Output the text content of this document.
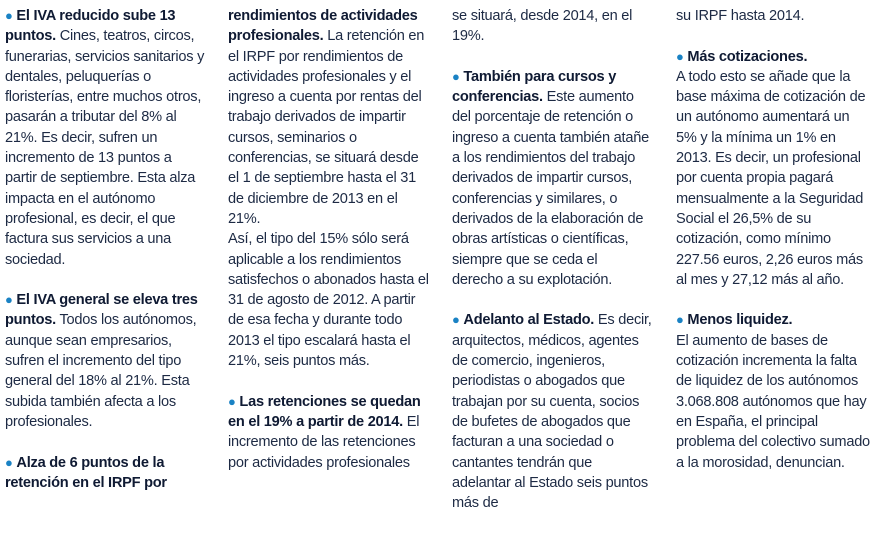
● El IVA reducido sube 13 puntos. Cines, teatros, circos, funerarias, servicios sanitarios y dentales, peluquerías o floristerías, entre muchos otros, pasarán a tributar del 8% al 21%. Es decir, sufren un incremento de 13 puntos a partir de septiembre. Esta alza impacta en el autónomo profesional, es decir, el que factura sus servicios a una sociedad.
● El IVA general se eleva tres puntos. Todos los autónomos, aunque sean empresarios, sufren el incremento del tipo general del 18% al 21%. Esta subida también afecta a los profesionales.
● Alza de 6 puntos de la retención en el IRPF por
rendimientos de actividades profesionales. La retención en el IRPF por rendimientos de actividades profesionales y el ingreso a cuenta por rentas del trabajo derivados de impartir cursos, seminarios o conferencias, se situará desde el 1 de septiembre hasta el 31 de diciembre de 2013 en el 21%.
Así, el tipo del 15% sólo será aplicable a los rendimientos satisfechos o abonados hasta el 31 de agosto de 2012. A partir de esa fecha y durante todo 2013 el tipo escalará hasta el 21%, seis puntos más.
● Las retenciones se quedan en el 19% a partir de 2014. El incremento de las retenciones por actividades profesionales
se situará, desde 2014, en el 19%.
● También para cursos y conferencias. Este aumento del porcentaje de retención o ingreso a cuenta también atañe a los rendimientos del trabajo derivados de impartir cursos, conferencias y similares, o derivados de la elaboración de obras artísticas o científicas, siempre que se ceda el derecho a su explotación.
● Adelanto al Estado. Es decir, arquitectos, médicos, agentes de comercio, ingenieros, periodistas o abogados que trabajan por su cuenta, socios de bufetes de abogados que facturan a una sociedad o cantantes tendrán que adelantar al Estado seis puntos más de
su IRPF hasta 2014.
● Más cotizaciones.
A todo esto se añade que la base máxima de cotización de un autónomo aumentará un 5% y la mínima un 1% en 2013. Es decir, un profesional por cuenta propia pagará mensualmente a la Seguridad Social el 26,5% de su cotización, como mínimo 227.56 euros, 2,26 euros más al mes y 27,12 más al año.
● Menos liquidez.
El aumento de bases de cotización incrementa la falta de liquidez de los autónomos 3.068.808 autónomos que hay en España, el principal problema del colectivo sumado a la morosidad, denuncian.
